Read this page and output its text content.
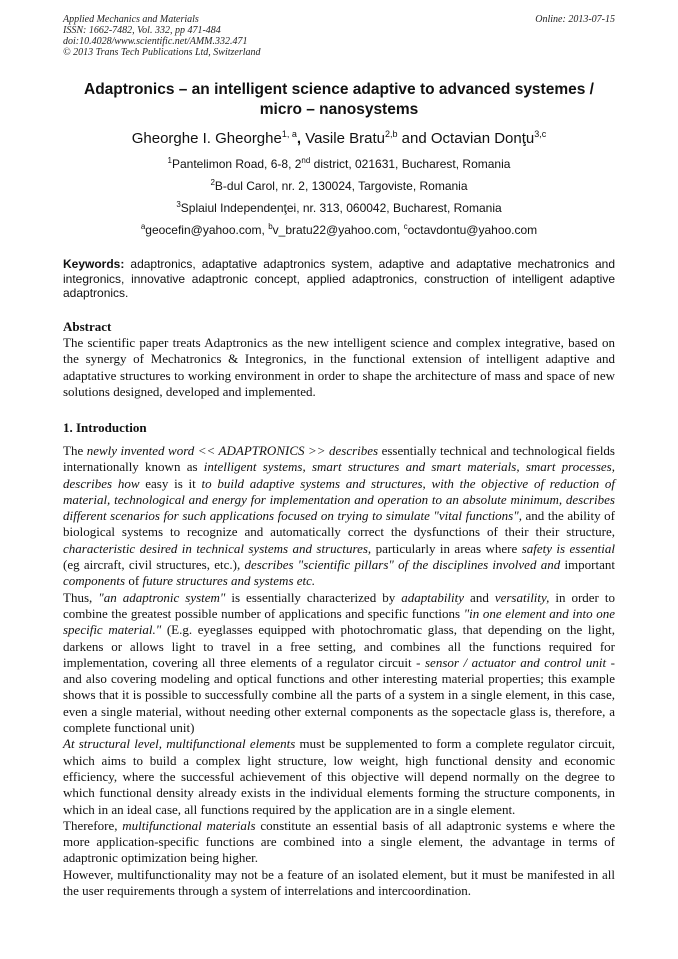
Applied Mechanics and Materials
ISSN: 1662-7482, Vol. 332, pp 471-484
doi:10.4028/www.scientific.net/AMM.332.471
© 2013 Trans Tech Publications Ltd, Switzerland
Online: 2013-07-15
Adaptronics – an intelligent science adaptive to advanced systemes /
micro – nanosystems
Gheorghe I. Gheorghe$^{1, a}$, Vasile Bratu$^{2,b}$ and Octavian Donţu$^{3,c}$
$^1$Pantelimon Road, 6-8, 2nd district, 021631, Bucharest, Romania
$^2$B-dul Carol, nr. 2, 130024, Targoviste, Romania
$^3$Splaiul Independenţei, nr. 313, 060042, Bucharest, Romania
$^a$geocefin@yahoo.com, $^b$v_bratu22@yahoo.com, $^c$octavdontu@yahoo.com
Keywords: adaptronics, adaptative adaptronics system, adaptive and adaptative mechatronics and integronics, innovative adaptronic concept, applied adaptronics, construction of intelligent adaptive adaptronics.
Abstract

The scientific paper treats Adaptronics as the new intelligent science and complex integrative, based on the synergy of Mechatronics & Integronics, in the functional extension of intelligent adaptive and adaptative structures to working environment in order to shape the architecture of mass and space of new solutions designed, developed and implemented.

1. Introduction

The newly invented word << ADAPTRONICS >> describes essentially technical and technological fields internationally known as intelligent systems, smart structures and smart materials, smart processes, describes how easy is it to build adaptive systems and structures, with the objective of reduction of material, technological and energy for implementation and operation to an absolute minimum, describes different scenarios for such applications focused on trying to simulate "vital functions", and the ability of biological systems to recognize and automatically correct the dysfunctions of their their structure, characteristic desired in technical systems and structures, particularly in areas where safety is essential (eg aircraft, civil structures, etc.), describes "scientific pillars" of the disciplines involved and important components of future structures and systems etc.

Thus, "an adaptronic system" is essentially characterized by adaptability and versatility, in order to combine the greatest possible number of applications and specific functions "in one element and into one specific material." (E.g. eyeglasses equipped with photochromatic glass, that depending on the light, darkens or allows light to travel in a free setting, and combines all the functions required for implementation, covering all three elements of a regulator circuit - sensor / actuator and control unit - and also covering modeling and optical functions and other interesting material properties; this example shows that it is possible to successfully combine all the parts of a system in a single element, in this case, even a single material, without needing other external components as the sopectacle glass is, therefore, a complete functional unit)

At structural level, multifunctional elements must be supplemented to form a complete regulator circuit, which aims to build a complex light structure, low weight, high functional density and economic efficiency, where the successful achievement of this objective will depend normally on the degree to which functional density already exists in the individual elements forming the structure components, in which in an ideal case, all functions required by the application are in a single element.

Therefore, multifunctional materials constitute an essential basis of all adaptronic systems e where the more application-specific functions are combined into a single element, the advantage in terms of adaptronic optimization being higher.

However, multifunctionality may not be a feature of an isolated element, but it must be manifested in all the user requirements through a system of interrelations and intercoordination.
